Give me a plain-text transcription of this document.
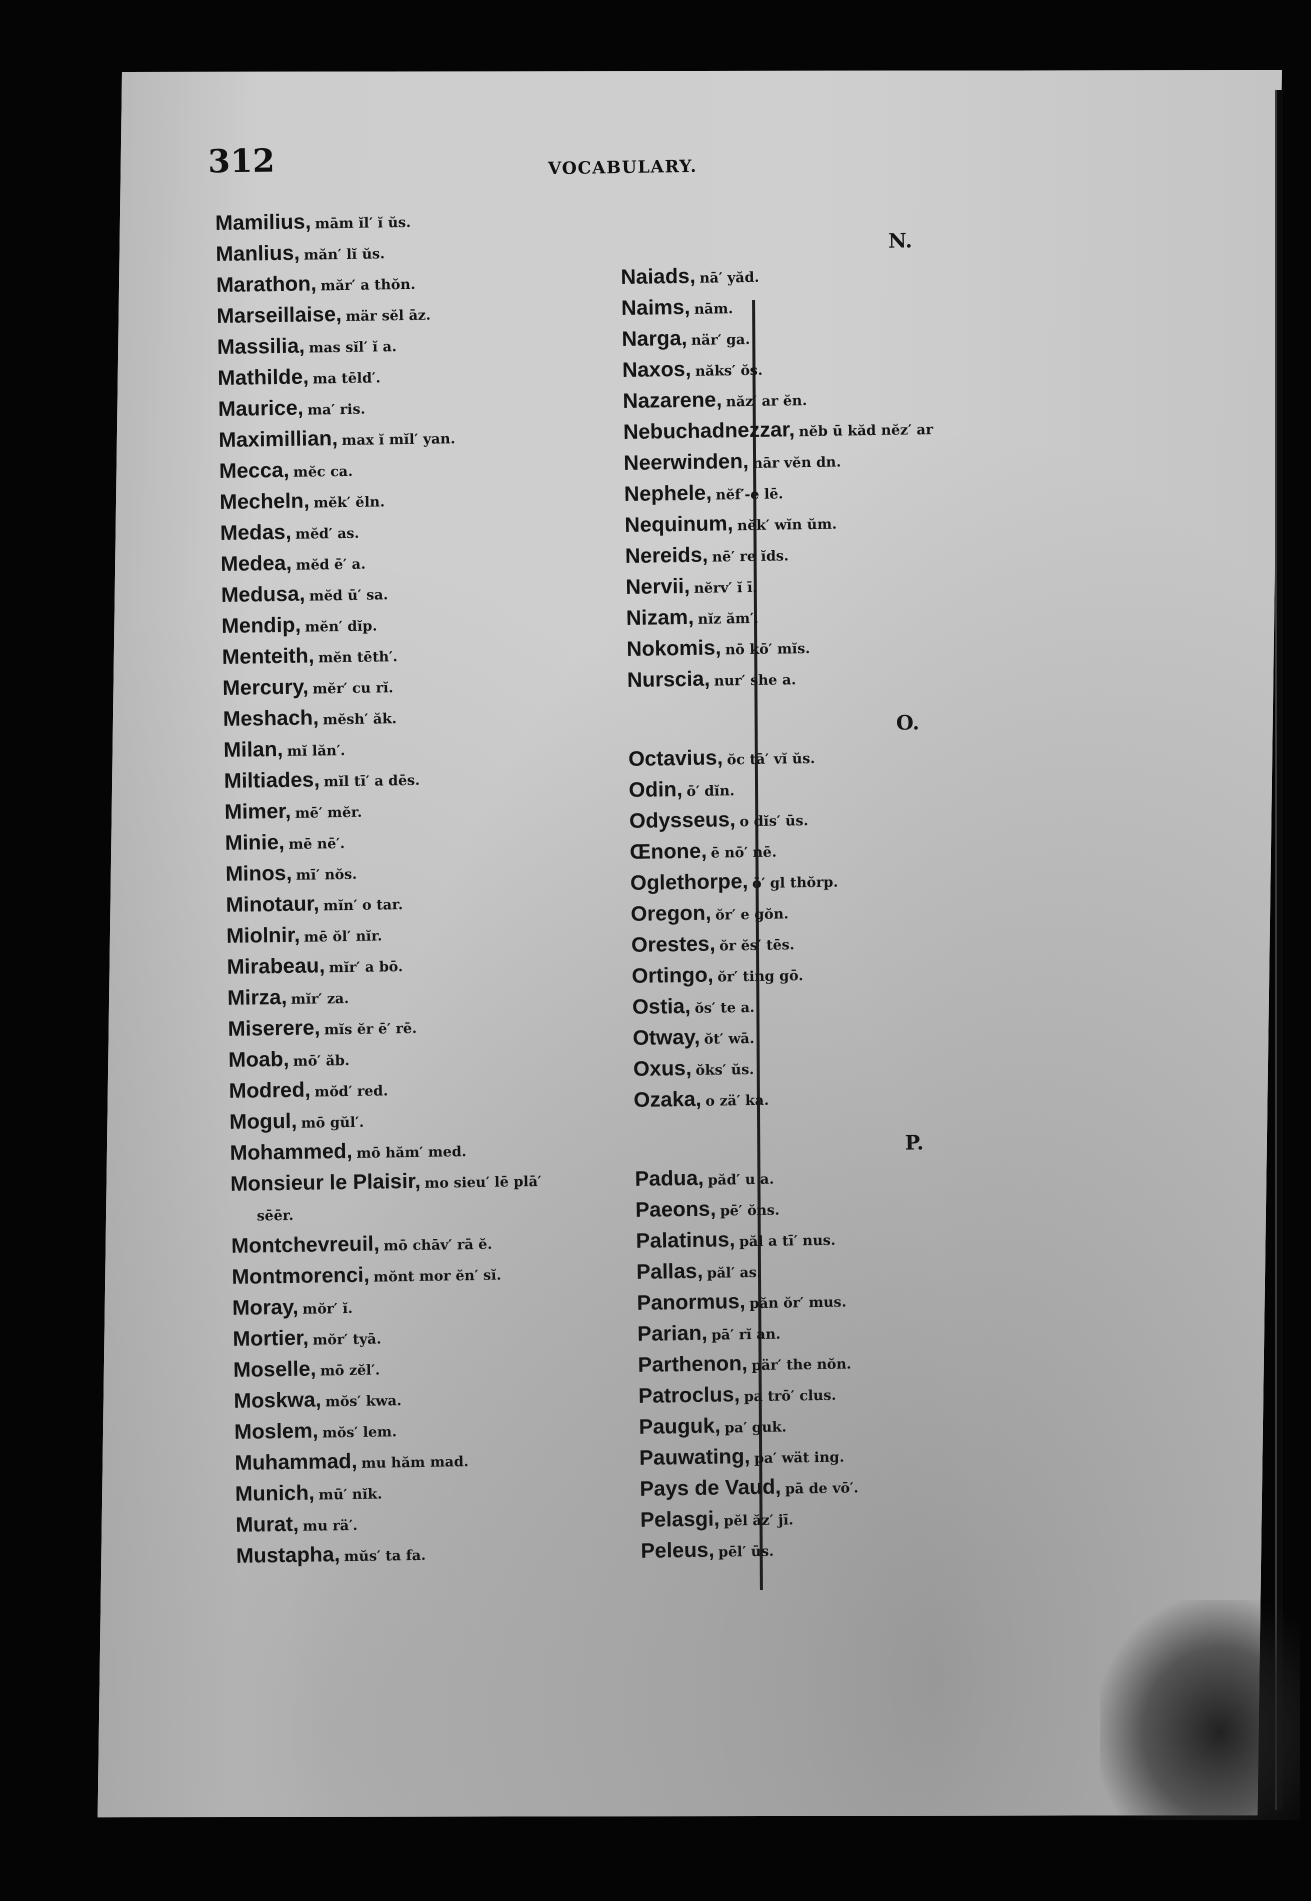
312	VOCABULARY.
Mamilius, mām ĭl′ ĭ ŭs.
Manlius, măn′ lĭ ŭs.
Marathon, măr′ a thŏn.
Marseillaise, mär sĕl āz.
Massilia, mas sĭl′ ĭ a.
Mathilde, ma tēld′.
Maurice, ma′ ris.
Maximillian, max ĭ mĭl′ yan.
Mecca, mĕc ca.
Mecheln, mĕk′ ĕln.
Medas, mĕd′ as.
Medea, mĕd ē′ a.
Medusa, mĕd ū′ sa.
Mendip, mĕn′ dĭp.
Menteith, mĕn tēth′.
Mercury, mĕr′ cu rĭ.
Meshach, mĕsh′ ăk.
Milan, mĭ lăn′.
Miltiades, mĭl tī′ a dēs.
Mimer, mē′ mĕr.
Minie, mē nē′.
Minos, mī′ nŏs.
Minotaur, mĭn′ o tar.
Miolnir, mē ŏl′ nĭr.
Mirabeau, mĭr′ a bō.
Mirza, mĭr′ za.
Miserere, mĭs ĕr ē′ rē.
Moab, mō′ ăb.
Modred, mŏd′ red.
Mogul, mō gŭl′.
Mohammed, mō hăm′ med.
Monsieur le Plaisir, mo sieu′ lē plā′
sēēr.
Montchevreuil, mō chāv′ rā ĕ.
Montmorenci, mŏnt mor ĕn′ sĭ.
Moray, mŏr′ ĭ.
Mortier, mŏr′ tyā.
Moselle, mō zĕl′.
Moskwa, mŏs′ kwa.
Moslem, mŏs′ lem.
Muhammad, mu hăm mad.
Munich, mū′ nĭk.
Murat, mu rä′.
Mustapha, mŭs′ ta fa.
N.
Naiads, nā′ yăd.
Naims, nām.
Narga, när′ ga.
Naxos, năks′ ŏs.
Nazarene, năz′ ar ĕn.
Nebuchadnezzar, nĕb ū kăd nĕz′ ar
Neerwinden, nār vĕn dn.
Nephele, nĕf′-e lē.
Nequinum, nĕk′ wĭn ŭm.
Nereids, nē′ re ĭds.
Nervii, nĕrv′ ĭ ī.
Nizam, nĭz ăm′.
Nokomis, nō kō′ mĭs.
Nurscia, nur′ she a.
O.
Octavius, ŏc tā′ vĭ ŭs.
Odin, ō′ dĭn.
Odysseus, o dĭs′ ūs.
Œnone, ē nō′ nē.
Oglethorpe, ō′ gl thŏrp.
Oregon, ŏr′ e gŏn.
Orestes, ŏr ĕs′ tēs.
Ortingo, ŏr′ ting gō.
Ostia, ŏs′ te a.
Otway, ŏt′ wā.
Oxus, ŏks′ ŭs.
Ozaka, o zä′ ka.
P.
Padua, păd′ u a.
Paeons, pē′ ŏns.
Palatinus, păl a tī′ nus.
Pallas, păl′ as.
Panormus, păn ŏr′ mus.
Parian, pā′ rĭ an.
Parthenon, pär′ the nŏn.
Patroclus, pa trō′ clus.
Pauguk, pa′ guk.
Pauwating, pa′ wät ing.
Pays de Vaud, pā de vō′.
Pelasgi, pĕl ăz′ jī.
Peleus, pēl′ ūs.
